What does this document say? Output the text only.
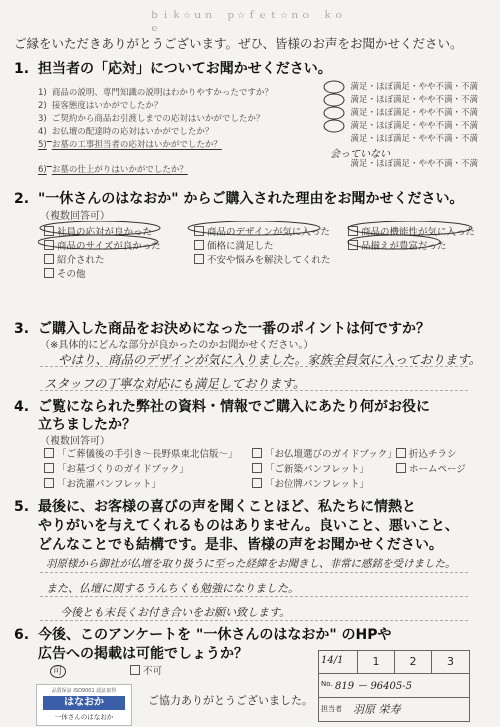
ｂｉｋ☆ｕｎ　ｐ☆ｆｅｔ☆ｎｏ　ｋｏｅ
ご縁をいただきありがとうございます。ぜひ、皆様のお声をお聞かせください。
1. 担当者の「応対」についてお聞かせください。
1) 商品の説明、専門知識の説明はわかりやすかったですか？
満足・ほぼ満足・やや不満・不満
2) 接客態度はいかがでしたか？
満足・ほぼ満足・やや不満・不満
3) ご契約から商品お引渡しまでの応対はいかがでしたか？
満足・ほぼ満足・やや不満・不満
4) お仏壇の配達時の応対はいかがでしたか？
満足・ほぼ満足・やや不満・不満
5) お墓の工事担当者の応対はいかがでしたか？
満足・ほぼ満足・やや不満・不満
会っていない
6) お墓の仕上がりはいかがでしたか？
満足・ほぼ満足・やや不満・不満
2. "一休さんのはなおか" からご購入された理由をお聞かせください。
（複数回答可）
社員の応対が良かった	商品のデザインが気に入った	商品の機能性が気に入った
商品のサイズが良かった	価格に満足した	品揃えが豊富だった
紹介された	不安や悩みを解決してくれた
その他
3. ご購入した商品をお決めになった一番のポイントは何ですか？
（※具体的にどんな部分が良かったのかお聞かせください。）
やはり、商品のデザインが気に入りました。家族全員気に入っております。
スタッフの丁寧な対応にも満足しております。
4. ご覧になられた弊社の資料・情報でご購入にあたり何がお役に
立ちましたか？
（複数回答可）
「ご葬儀後の手引き～長野県東北信版～」	「お仏壇選びのガイドブック」	折込チラシ
「お墓づくりのガイドブック」	「ご新築パンフレット」	ホームページ
「お洗濯パンフレット」	「お位牌パンフレット」
5. 最後に、お客様の喜びの声を聞くことほど、私たちに情熱と
やりがいを与えてくれるものはありません。良いこと、悪いこと、
どんなことでも結構です。是非、皆様の声をお聞かせください。
羽原様から御社が仏壇を取り扱うに至った経緯をお聞きし、非常に感銘を受けました。
また、仏壇に関するうんちくも勉強になりました。
今後とも末長くお付き合いをお願い致します。
6. 今後、このアンケートを "一休さんのはなおか" のHPや
広告への掲載は可能でしょうか？
可	不可
品質保証 ISO9001 認証取得
はなおか
一休さんのはなおか
ご協力ありがとうございました。
14/1	1	2	3
No. 819 ー 96405-5
担当者 羽原 栄寿
